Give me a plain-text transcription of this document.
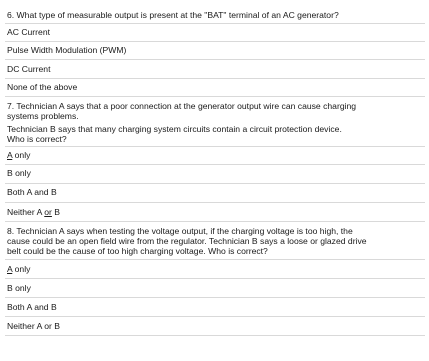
6. What type of measurable output is present at the "BAT" terminal of an AC generator?
AC Current
Pulse Width Modulation (PWM)
DC Current
None of the above
7. Technician A says that a poor connection at the generator output wire can cause charging
systems problems.
Technician B says that many charging system circuits contain a circuit protection device.
Who is correct?
A only
B only
Both A and B
Neither A or B
8. Technician A says when testing the voltage output, if the charging voltage is too high, the
cause could be an open field wire from the regulator. Technician B says a loose or glazed drive
belt could be the cause of too high charging voltage. Who is correct?
A only
B only
Both A and B
Neither A or B
